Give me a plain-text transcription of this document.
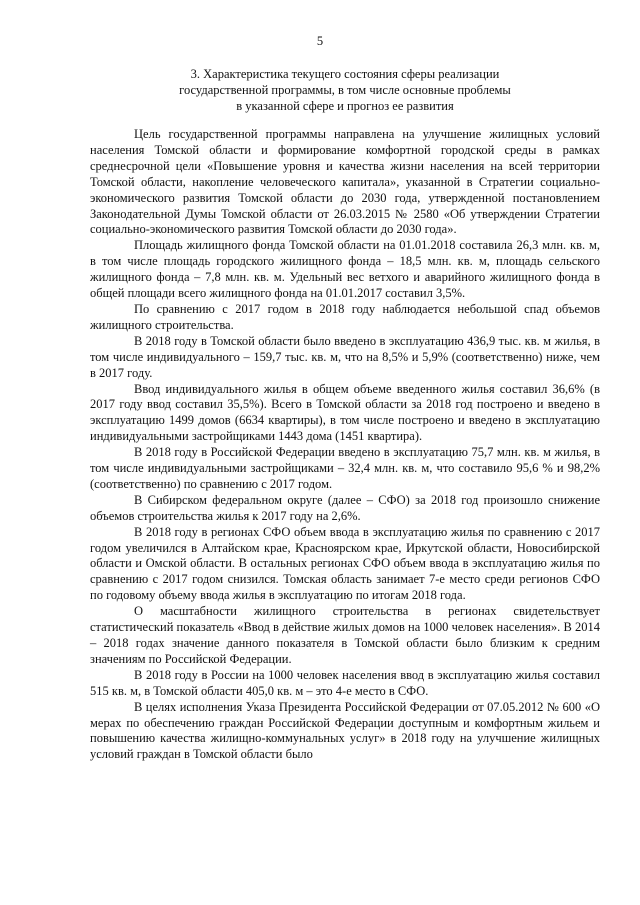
5
3. Характеристика текущего состояния сферы реализации
государственной программы, в том числе основные проблемы
в указанной сфере и прогноз ее развития

Цель государственной программы направлена на улучшение жилищных условий населения Томской области и формирование комфортной городской среды в рамках среднесрочной цели «Повышение уровня и качества жизни населения на всей территории Томской области, накопление человеческого капитала», указанной в Стратегии социально-экономического развития Томской области до 2030 года, утвержденной постановлением Законодательной Думы Томской области от 26.03.2015 № 2580 «Об утверждении Стратегии социально-экономического развития Томской области до 2030 года».

Площадь жилищного фонда Томской области на 01.01.2018 составила 26,3 млн. кв. м, в том числе площадь городского жилищного фонда – 18,5 млн. кв. м, площадь сельского жилищного фонда – 7,8 млн. кв. м. Удельный вес ветхого и аварийного жилищного фонда в общей площади всего жилищного фонда на 01.01.2017 составил 3,5%.

По сравнению с 2017 годом в 2018 году наблюдается небольшой спад объемов жилищного строительства.

В 2018 году в Томской области было введено в эксплуатацию 436,9 тыс. кв. м жилья, в том числе индивидуального – 159,7 тыс. кв. м, что на 8,5% и 5,9% (соответственно) ниже, чем в 2017 году.

Ввод индивидуального жилья в общем объеме введенного жилья составил 36,6% (в 2017 году ввод составил 35,5%). Всего в Томской области за 2018 год построено и введено в эксплуатацию 1499 домов (6634 квартиры), в том числе построено и введено в эксплуатацию индивидуальными застройщиками 1443 дома (1451 квартира).

В 2018 году в Российской Федерации введено в эксплуатацию 75,7 млн. кв. м жилья, в том числе индивидуальными застройщиками – 32,4 млн. кв. м, что составило 95,6 % и 98,2% (соответственно) по сравнению с 2017 годом.

В Сибирском федеральном округе (далее – СФО) за 2018 год произошло снижение объемов строительства жилья к 2017 году на 2,6%.

В 2018 году в регионах СФО объем ввода в эксплуатацию жилья по сравнению с 2017 годом увеличился в Алтайском крае, Красноярском крае, Иркутской области, Новосибирской области и Омской области. В остальных регионах СФО объем ввода в эксплуатацию жилья по сравнению с 2017 годом снизился. Томская область занимает 7-е место среди регионов СФО по годовому объему ввода жилья в эксплуатацию по итогам 2018 года.

О масштабности жилищного строительства в регионах свидетельствует статистический показатель «Ввод в действие жилых домов на 1000 человек населения». В 2014 – 2018 годах значение данного показателя в Томской области было близким к средним значениям по Российской Федерации.

В 2018 году в России на 1000 человек населения ввод в эксплуатацию жилья составил 515 кв. м, в Томской области 405,0 кв. м – это 4-е место в СФО.

В целях исполнения Указа Президента Российской Федерации от 07.05.2012 № 600 «О мерах по обеспечению граждан Российской Федерации доступным и комфортным жильем и повышению качества жилищно-коммунальных услуг» в 2018 году на улучшение жилищных условий граждан в Томской области было
